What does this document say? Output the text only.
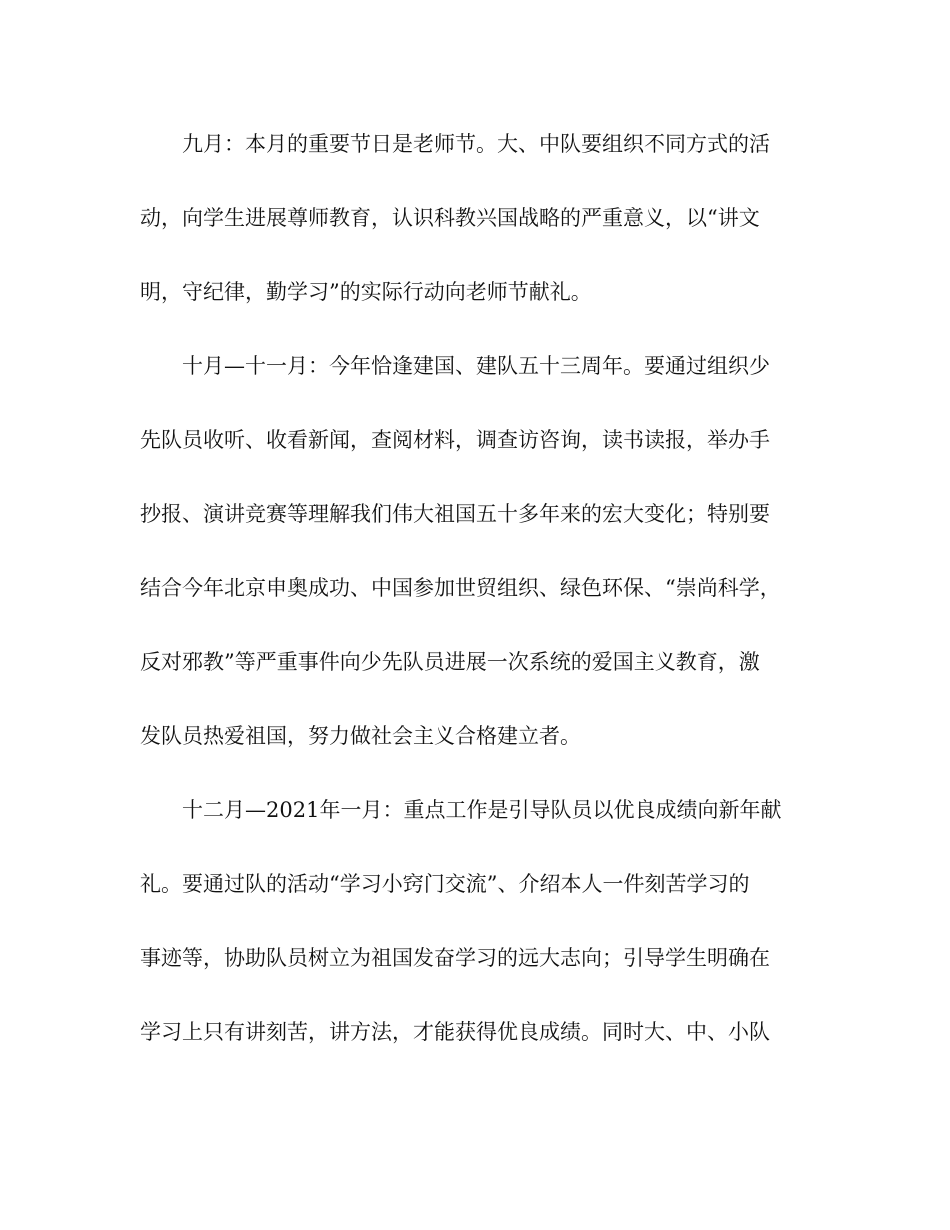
九月：本月的重要节日是老师节。大、中队要组织不同方式的活
动，向学生进展尊师教育，认识科教兴国战略的严重意义，以“讲文
明，守纪律，勤学习”的实际行动向老师节献礼。
十月—十一月：今年恰逢建国、建队五十三周年。要通过组织少
先队员收听、收看新闻，查阅材料，调查访咨询，读书读报，举办手
抄报、演讲竞赛等理解我们伟大祖国五十多年来的宏大变化；特别要
结合今年北京申奥成功、中国参加世贸组织、绿色环保、“崇尚科学，
反对邪教”等严重事件向少先队员进展一次系统的爱国主义教育，激
发队员热爱祖国，努力做社会主义合格建立者。
十二月—2021年一月：重点工作是引导队员以优良成绩向新年献
礼。要通过队的活动“学习小窍门交流”、介绍本人一件刻苦学习的
事迹等，协助队员树立为祖国发奋学习的远大志向；引导学生明确在
学习上只有讲刻苦，讲方法，才能获得优良成绩。同时大、中、小队
